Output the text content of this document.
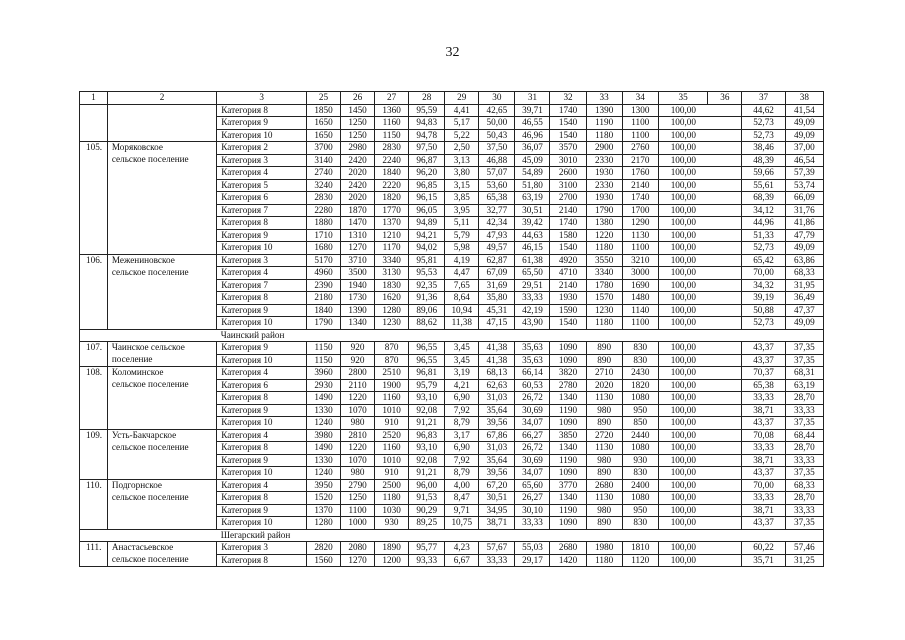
32
1	2	3	25	26	27	28	29	30	31	32	33	34	35	36	37	38
		Категория 8	1850	1450	1360	95,59	4,41	42,65	39,71	1740	1390	1300	100,00		44,62	41,54
		Категория 9	1650	1250	1160	94,83	5,17	50,00	46,55	1540	1190	1100	100,00		52,73	49,09
		Категория 10	1650	1250	1150	94,78	5,22	50,43	46,96	1540	1180	1100	100,00		52,73	49,09
105.	Моряковское	Категория 2	3700	2980	2830	97,50	2,50	37,50	36,07	3570	2900	2760	100,00		38,46	37,00
	сельское поселение	Категория 3	3140	2420	2240	96,87	3,13	46,88	45,09	3010	2330	2170	100,00		48,39	46,54
		Категория 4	2740	2020	1840	96,20	3,80	57,07	54,89	2600	1930	1760	100,00		59,66	57,39
		Категория 5	3240	2420	2220	96,85	3,15	53,60	51,80	3100	2330	2140	100,00		55,61	53,74
		Категория 6	2830	2020	1820	96,15	3,85	65,38	63,19	2700	1930	1740	100,00		68,39	66,09
		Категория 7	2280	1870	1770	96,05	3,95	32,77	30,51	2140	1790	1700	100,00		34,12	31,76
		Категория 8	1880	1470	1370	94,89	5,11	42,34	39,42	1740	1380	1290	100,00		44,96	41,86
		Категория 9	1710	1310	1210	94,21	5,79	47,93	44,63	1580	1220	1130	100,00		51,33	47,79
		Категория 10	1680	1270	1170	94,02	5,98	49,57	46,15	1540	1180	1100	100,00		52,73	49,09
106.	Межениновское	Категория 3	5170	3710	3340	95,81	4,19	62,87	61,38	4920	3550	3210	100,00		65,42	63,86
	сельское поселение	Категория 4	4960	3500	3130	95,53	4,47	67,09	65,50	4710	3340	3000	100,00		70,00	68,33
		Категория 7	2390	1940	1830	92,35	7,65	31,69	29,51	2140	1780	1690	100,00		34,32	31,95
		Категория 8	2180	1730	1620	91,36	8,64	35,80	33,33	1930	1570	1480	100,00		39,19	36,49
		Категория 9	1840	1390	1280	89,06	10,94	45,31	42,19	1590	1230	1140	100,00		50,88	47,37
		Категория 10	1790	1340	1230	88,62	11,38	47,15	43,90	1540	1180	1100	100,00		52,73	49,09
		Чаинский район														
107.	Чаинское сельское	Категория 9	1150	920	870	96,55	3,45	41,38	35,63	1090	890	830	100,00		43,37	37,35
	поселение	Категория 10	1150	920	870	96,55	3,45	41,38	35,63	1090	890	830	100,00		43,37	37,35
108.	Коломинское	Категория 4	3960	2800	2510	96,81	3,19	68,13	66,14	3820	2710	2430	100,00		70,37	68,31
	сельское поселение	Категория 6	2930	2110	1900	95,79	4,21	62,63	60,53	2780	2020	1820	100,00		65,38	63,19
		Категория 8	1490	1220	1160	93,10	6,90	31,03	26,72	1340	1130	1080	100,00		33,33	28,70
		Категория 9	1330	1070	1010	92,08	7,92	35,64	30,69	1190	980	950	100,00		38,71	33,33
		Категория 10	1240	980	910	91,21	8,79	39,56	34,07	1090	890	850	100,00		43,37	37,35
109.	Усть-Бакчарское	Категория 4	3980	2810	2520	96,83	3,17	67,86	66,27	3850	2720	2440	100,00		70,08	68,44
	сельское поселение	Категория 8	1490	1220	1160	93,10	6,90	31,03	26,72	1340	1130	1080	100,00		33,33	28,70
		Категория 9	1330	1070	1010	92,08	7,92	35,64	30,69	1190	980	930	100,00		38,71	33,33
		Категория 10	1240	980	910	91,21	8,79	39,56	34,07	1090	890	830	100,00		43,37	37,35
110.	Подгорнское	Категория 4	3950	2790	2500	96,00	4,00	67,20	65,60	3770	2680	2400	100,00		70,00	68,33
	сельское поселение	Категория 8	1520	1250	1180	91,53	8,47	30,51	26,27	1340	1130	1080	100,00		33,33	28,70
		Категория 9	1370	1100	1030	90,29	9,71	34,95	30,10	1190	980	950	100,00		38,71	33,33
		Категория 10	1280	1000	930	89,25	10,75	38,71	33,33	1090	890	830	100,00		43,37	37,35
		Шегарский район														
111.	Анастасьевское	Категория 3	2820	2080	1890	95,77	4,23	57,67	55,03	2680	1980	1810	100,00		60,22	57,46
	сельское поселение	Категория 8	1560	1270	1200	93,33	6,67	33,33	29,17	1420	1180	1120	100,00		35,71	31,25
